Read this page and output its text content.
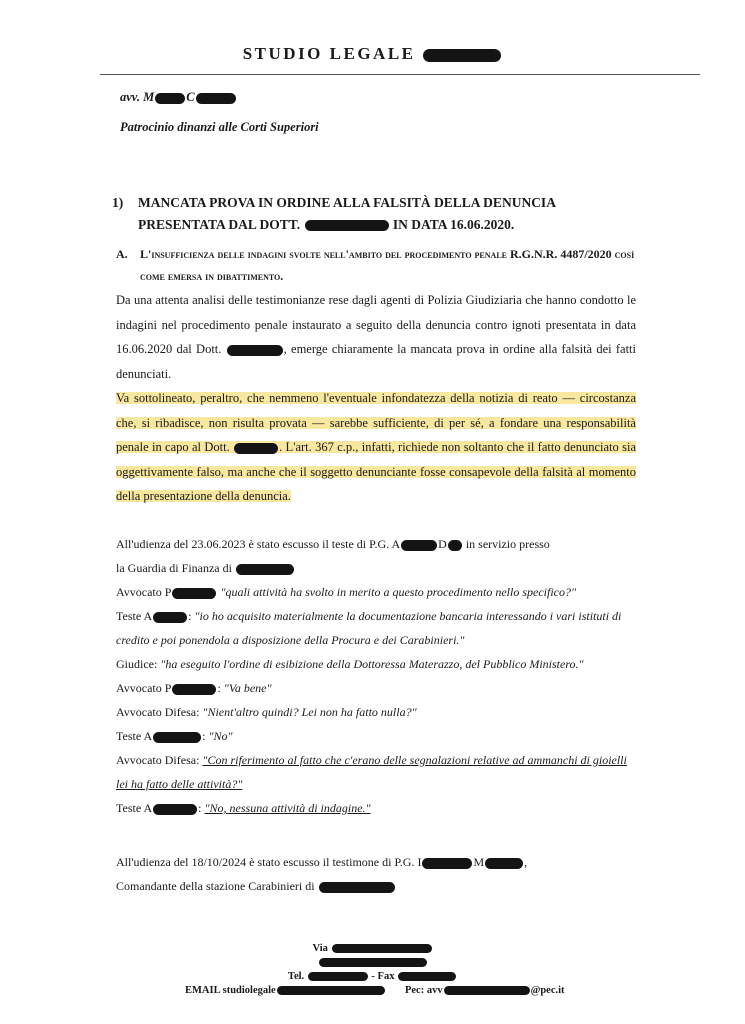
STUDIO LEGALE
avv. M	C
Patrocinio dinanzi alle Corti Superiori
1) MANCATA PROVA IN ORDINE ALLA FALSITÀ DELLA DENUNCIA PRESENTATA DAL DOTT.	IN DATA 16.06.2020.
A. L'insufficienza delle indagini svolte nell'ambito del procedimento penale R.G.N.R. 4487/2020 così come emersa in dibattimento.
Da una attenta analisi delle testimonianze rese dagli agenti di Polizia Giudiziaria che hanno condotto le indagini nel procedimento penale instaurato a seguito della denuncia contro ignoti presentata in data 16.06.2020 dal Dott.	, emerge chiaramente la mancata prova in ordine alla falsità dei fatti denunciati.
Va sottolineato, peraltro, che nemmeno l'eventuale infondatezza della notizia di reato — circostanza che, si ribadisce, non risulta provata — sarebbe sufficiente, di per sé, a fondare una responsabilità penale in capo al Dott.	. L'art. 367 c.p., infatti, richiede non soltanto che il fatto denunciato sia oggettivamente falso, ma anche che il soggetto denunciante fosse consapevole della falsità al momento della presentazione della denuncia.
All'udienza del 23.06.2023 è stato escusso il teste di P.G. A	D in servizio presso
la Guardia di Finanza di
Avvocato P	"quali attività ha svolto in merito a questo procedimento nello specifico?"
Teste A	: "io ho acquisito materialmente la documentazione bancaria interessando i vari istituti di
credito e poi ponendola a disposizione della Procura e dei Carabinieri."
Giudice: "ha eseguito l'ordine di esibizione della Dottoressa Materazzo, del Pubblico Ministero."
Avvocato P	: "Va bene"
Avvocato Difesa: "Nient'altro quindi? Lei non ha fatto nulla?"
Teste A	: "No"
Avvocato Difesa: "Con riferimento al fatto che c'erano delle segnalazioni relative ad ammanchi di gioielli
lei ha fatto delle attività?"
Teste A	: "No, nessuna attività di indagine."
All'udienza del 18/10/2024 è stato escusso il testimone di P.G. I	M	,
Comandante della stazione Carabinieri di
Via
Tel.	- Fax
EMAIL studiolegale	Pec: avv	@pec.it
